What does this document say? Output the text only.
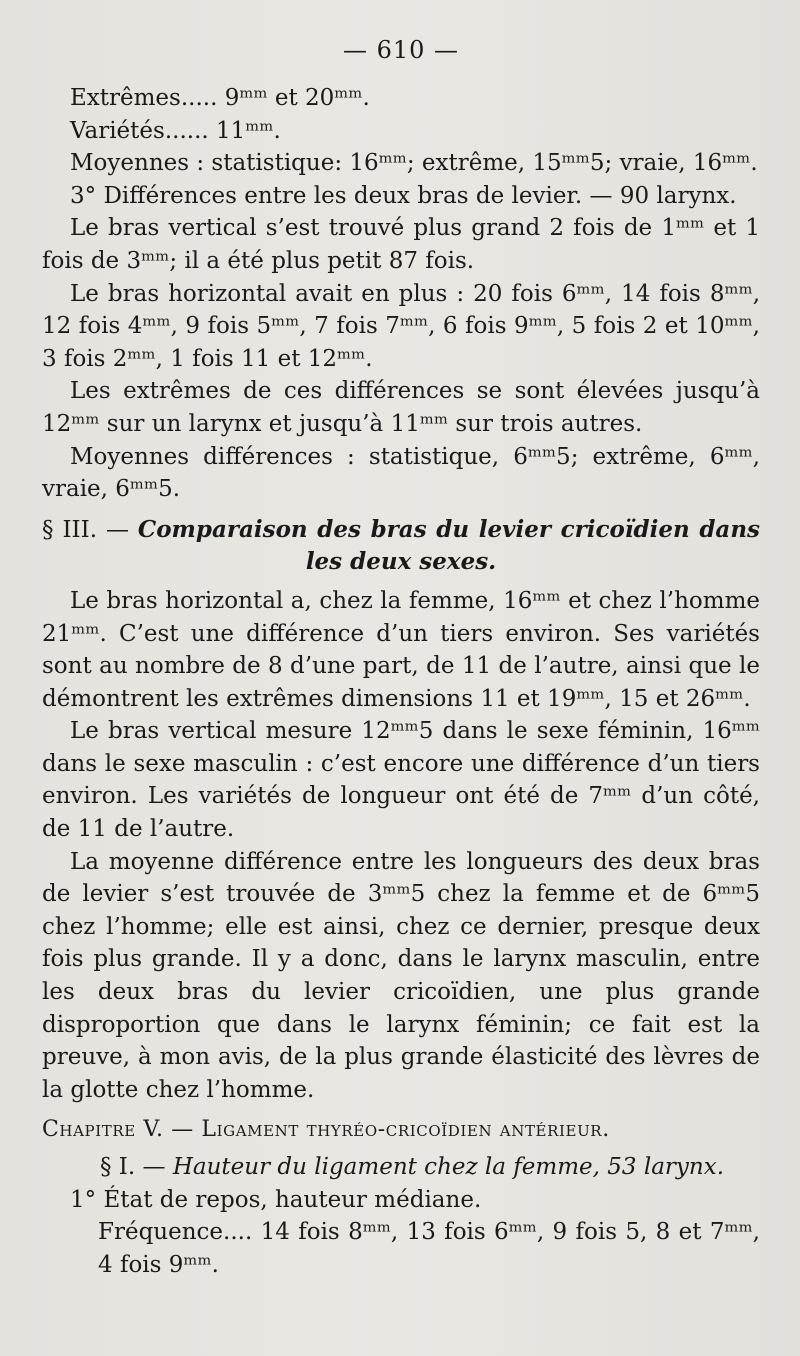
— 610 —

Extrêmes..... 9ᵐᵐ et 20ᵐᵐ.

Variétés...... 11ᵐᵐ.

Moyennes : statistique: 16ᵐᵐ; extrême, 15ᵐᵐ5; vraie, 16ᵐᵐ.

3° Différences entre les deux bras de levier. — 90 larynx.

Le bras vertical s’est trouvé plus grand 2 fois de 1ᵐᵐ et 1 fois de 3ᵐᵐ; il a été plus petit 87 fois.

Le bras horizontal avait en plus : 20 fois 6ᵐᵐ, 14 fois 8ᵐᵐ, 12 fois 4ᵐᵐ, 9 fois 5ᵐᵐ, 7 fois 7ᵐᵐ, 6 fois 9ᵐᵐ, 5 fois 2 et 10ᵐᵐ, 3 fois 2ᵐᵐ, 1 fois 11 et 12ᵐᵐ.

Les extrêmes de ces différences se sont élevées jusqu’à 12ᵐᵐ sur un larynx et jusqu’à 11ᵐᵐ sur trois autres.

Moyennes différences : statistique, 6ᵐᵐ5; extrême, 6ᵐᵐ, vraie, 6ᵐᵐ5.

§ III. — Comparaison des bras du levier cricoïdien dans les deux sexes.

Le bras horizontal a, chez la femme, 16ᵐᵐ et chez l’homme 21ᵐᵐ. C’est une différence d’un tiers environ. Ses variétés sont au nombre de 8 d’une part, de 11 de l’autre, ainsi que le démontrent les extrêmes dimensions 11 et 19ᵐᵐ, 15 et 26ᵐᵐ.

Le bras vertical mesure 12ᵐᵐ5 dans le sexe féminin, 16ᵐᵐ dans le sexe masculin : c’est encore une différence d’un tiers environ. Les variétés de longueur ont été de 7ᵐᵐ d’un côté, de 11 de l’autre.

La moyenne différence entre les longueurs des deux bras de levier s’est trouvée de 3ᵐᵐ5 chez la femme et de 6ᵐᵐ5 chez l’homme; elle est ainsi, chez ce dernier, presque deux fois plus grande. Il y a donc, dans le larynx masculin, entre les deux bras du levier cricoïdien, une plus grande disproportion que dans le larynx féminin; ce fait est la preuve, à mon avis, de la plus grande élasticité des lèvres de la glotte chez l’homme.

Chapitre V. — Ligament thyréo-cricoïdien antérieur.

§ I. — Hauteur du ligament chez la femme, 53 larynx.

1° État de repos, hauteur médiane.

Fréquence.... 14 fois 8ᵐᵐ, 13 fois 6ᵐᵐ, 9 fois 5, 8 et 7ᵐᵐ, 4 fois 9ᵐᵐ.
